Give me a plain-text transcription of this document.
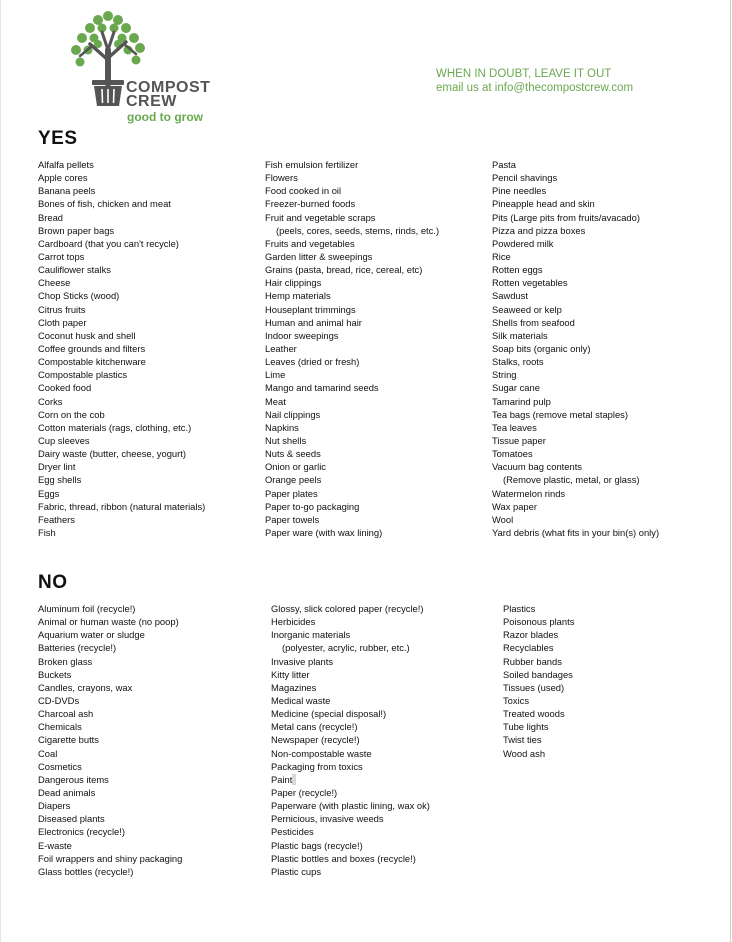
COMPOST
CREW
good to grow
WHEN IN DOUBT, LEAVE IT OUT
email us at info@thecompostcrew.com
YES
Alfalfa pellets
Apple cores
Banana peels
Bones of fish, chicken and meat
Bread
Brown paper bags
Cardboard (that you can't recycle)
Carrot tops
Cauliflower stalks
Cheese
Chop Sticks (wood)
Citrus fruits
Cloth paper
Coconut husk and shell
Coffee grounds and filters
Compostable kitchenware
Compostable plastics
Cooked food
Corks
Corn on the cob
Cotton materials (rags, clothing, etc.)
Cup sleeves
Dairy waste (butter, cheese, yogurt)
Dryer lint
Egg shells
Eggs
Fabric, thread, ribbon (natural materials)
Feathers
Fish
Fish emulsion fertilizer
Flowers
Food cooked in oil
Freezer-burned foods
Fruit and vegetable scraps
(peels, cores, seeds, stems, rinds, etc.)
Fruits and vegetables
Garden litter & sweepings
Grains (pasta, bread, rice, cereal, etc)
Hair clippings
Hemp materials
Houseplant trimmings
Human and animal hair
Indoor sweepings
Leather
Leaves (dried or fresh)
Lime
Mango and tamarind seeds
Meat
Nail clippings
Napkins
Nut shells
Nuts & seeds
Onion or garlic
Orange peels
Paper plates
Paper to-go packaging
Paper towels
Paper ware (with wax lining)
Pasta
Pencil shavings
Pine needles
Pineapple head and skin
Pits (Large pits from fruits/avacado)
Pizza and pizza boxes
Powdered milk
Rice
Rotten eggs
Rotten vegetables
Sawdust
Seaweed or kelp
Shells from seafood
Silk materials
Soap bits (organic only)
Stalks, roots
String
Sugar cane
Tamarind pulp
Tea bags (remove metal staples)
Tea leaves
Tissue paper
Tomatoes
Vacuum bag contents
(Remove plastic, metal, or glass)
Watermelon rinds
Wax paper
Wool
Yard debris (what fits in your bin(s) only)
NO
Aluminum foil (recycle!)
Animal or human waste (no poop)
Aquarium water or sludge
Batteries (recycle!)
Broken glass
Buckets
Candles, crayons, wax
CD-DVDs
Charcoal ash
Chemicals
Cigarette butts
Coal
Cosmetics
Dangerous items
Dead animals
Diapers
Diseased plants
Electronics (recycle!)
E-waste
Foil wrappers and shiny packaging
Glass bottles (recycle!)
Glossy, slick colored paper (recycle!)
Herbicides
Inorganic materials
(polyester, acrylic, rubber, etc.)
Invasive plants
Kitty litter
Magazines
Medical waste
Medicine (special disposal!)
Metal cans (recycle!)
Newspaper (recycle!)
Non-compostable waste
Packaging from toxics
Paint
Paper (recycle!)
Paperware (with plastic lining, wax ok)
Pernicious, invasive weeds
Pesticides
Plastic bags (recycle!)
Plastic bottles and boxes (recycle!)
Plastic cups
Plastics
Poisonous plants
Razor blades
Recyclables
Rubber bands
Soiled bandages
Tissues (used)
Toxics
Treated woods
Tube lights
Twist ties
Wood ash
